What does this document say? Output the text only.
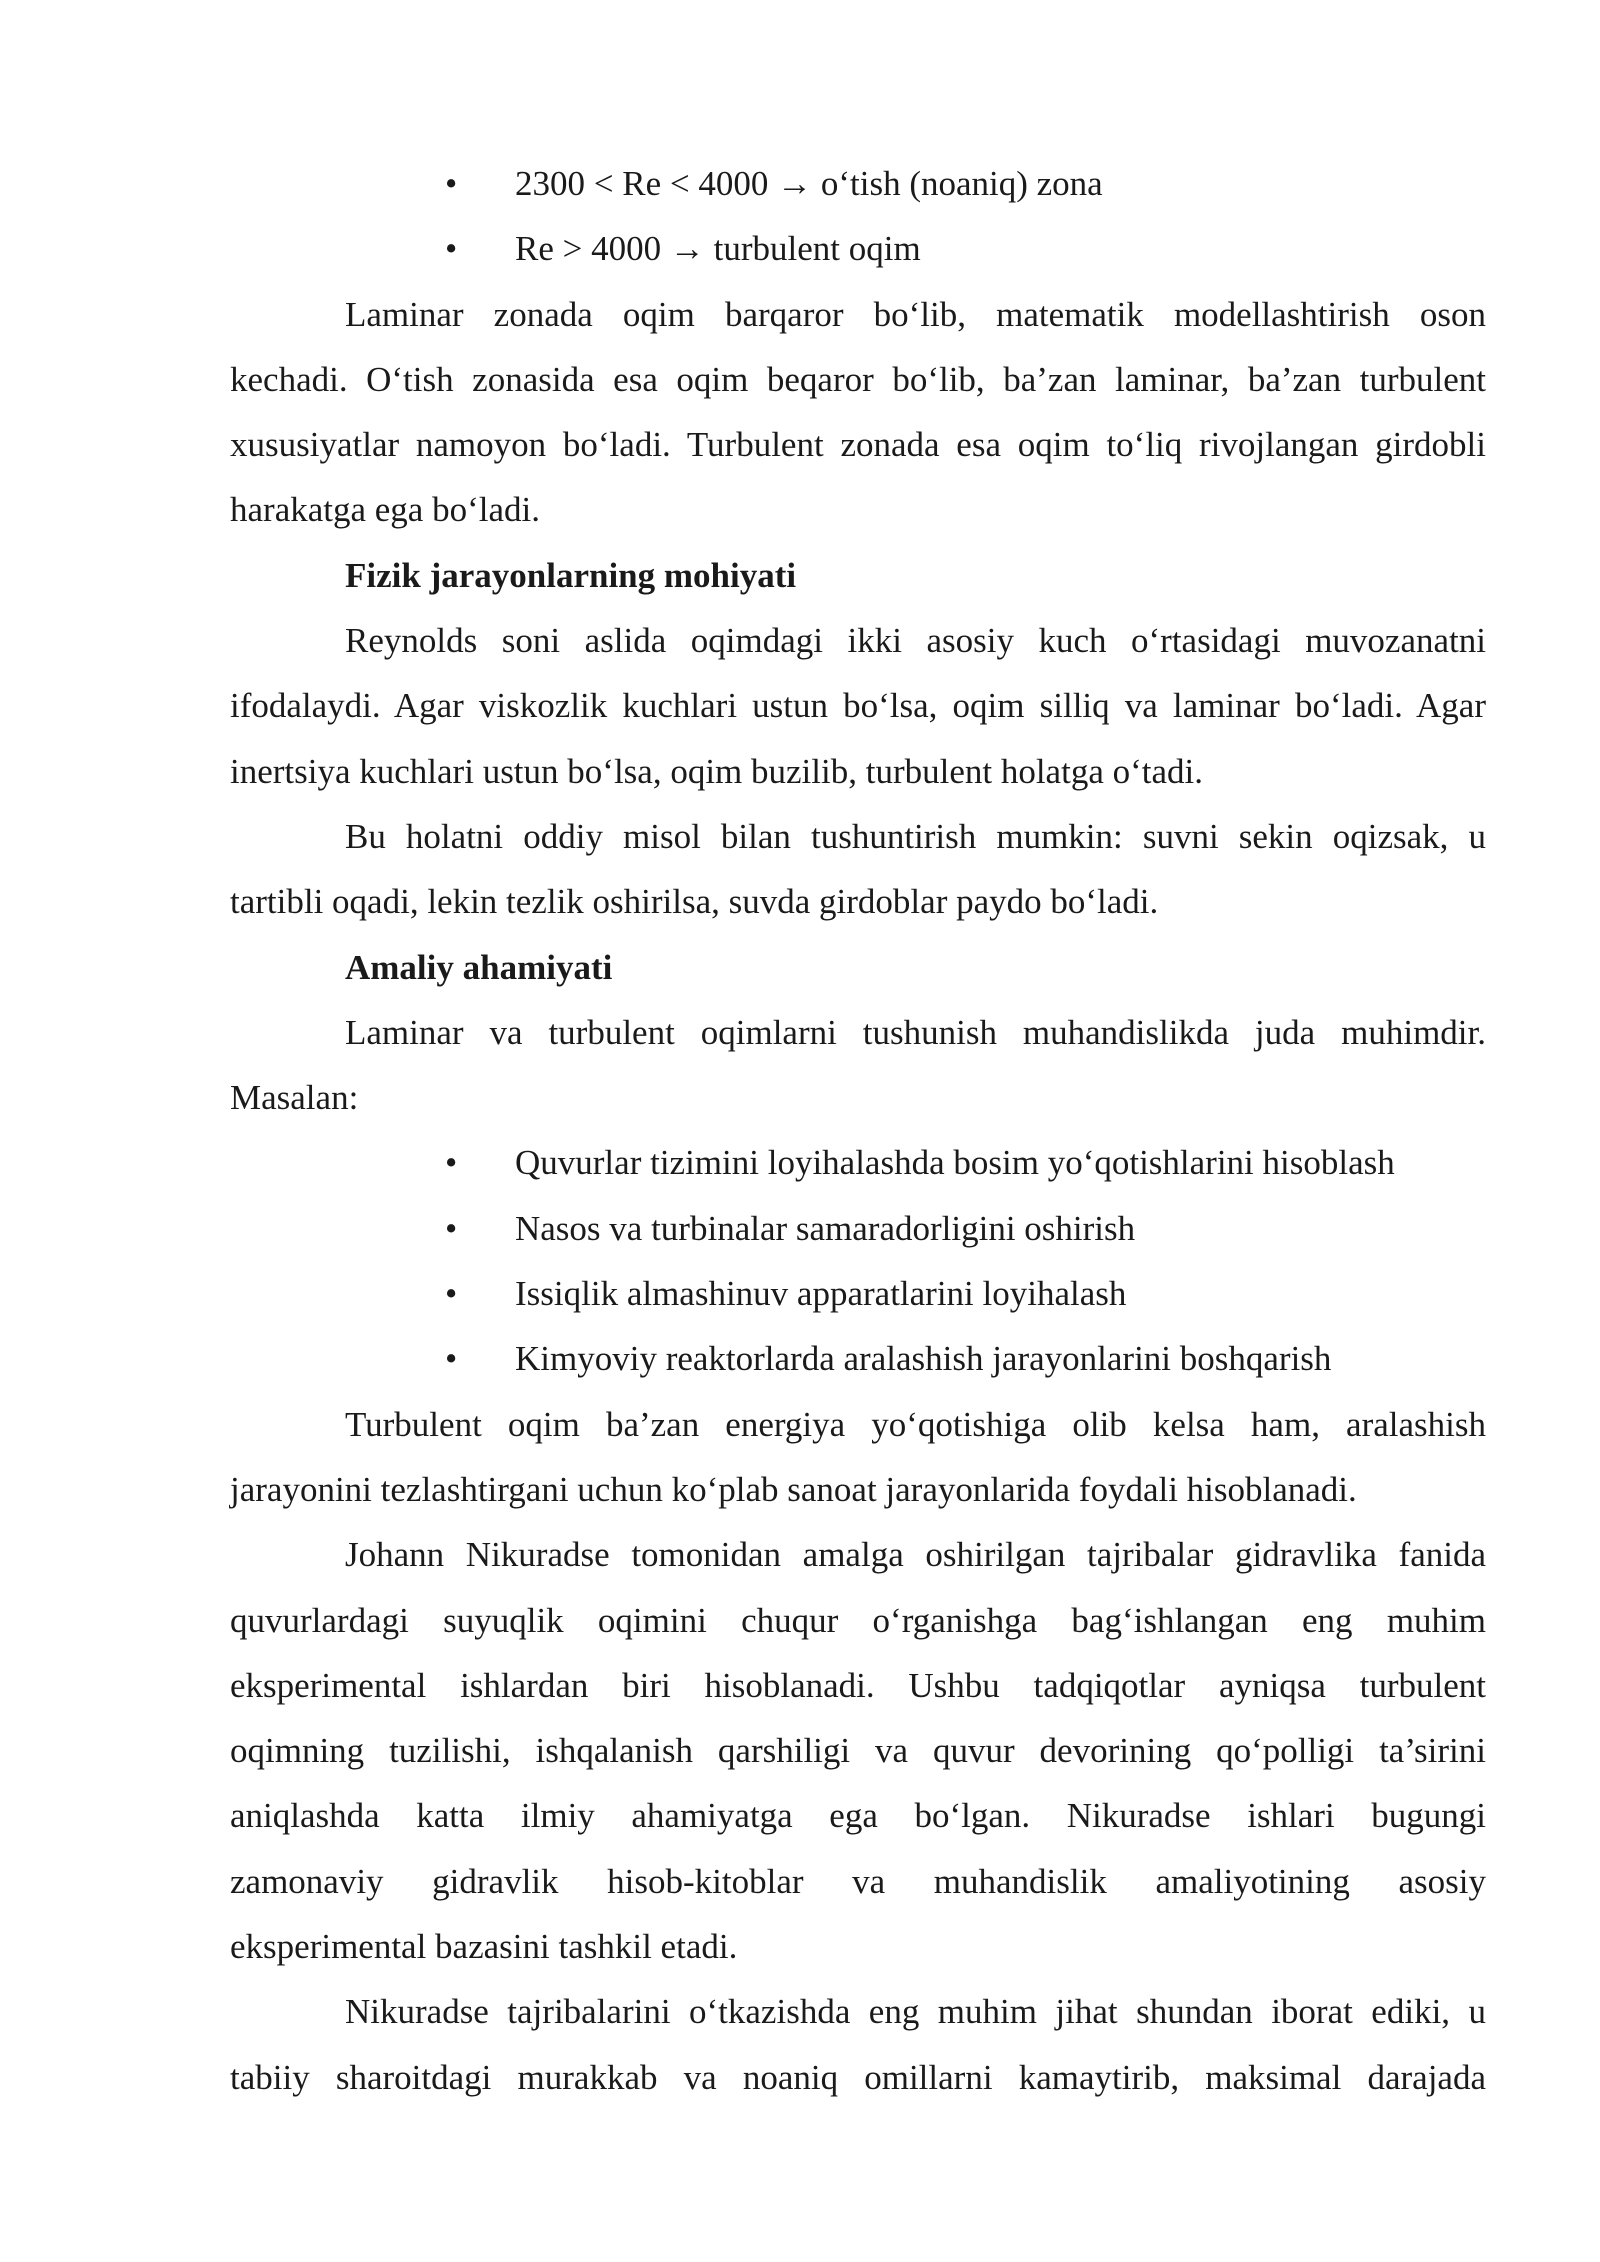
• 2300 < Re < 4000 → o‘tish (noaniq) zona
• Re > 4000 → turbulent oqim
Laminar zonada oqim barqaror bo‘lib, matematik modellashtirish oson
kechadi. O‘tish zonasida esa oqim beqaror bo‘lib, ba’zan laminar, ba’zan turbulent
xususiyatlar namoyon bo‘ladi. Turbulent zonada esa oqim to‘liq rivojlangan girdobli
harakatga ega bo‘ladi.
Fizik jarayonlarning mohiyati
Reynolds soni aslida oqimdagi ikki asosiy kuch o‘rtasidagi muvozanatni
ifodalaydi. Agar viskozlik kuchlari ustun bo‘lsa, oqim silliq va laminar bo‘ladi. Agar
inertsiya kuchlari ustun bo‘lsa, oqim buzilib, turbulent holatga o‘tadi.
Bu holatni oddiy misol bilan tushuntirish mumkin: suvni sekin oqizsak, u
tartibli oqadi, lekin tezlik oshirilsa, suvda girdoblar paydo bo‘ladi.
Amaliy ahamiyati
Laminar va turbulent oqimlarni tushunish muhandislikda juda muhimdir.
Masalan:
• Quvurlar tizimini loyihalashda bosim yo‘qotishlarini hisoblash
• Nasos va turbinalar samaradorligini oshirish
• Issiqlik almashinuv apparatlarini loyihalash
• Kimyoviy reaktorlarda aralashish jarayonlarini boshqarish
Turbulent oqim ba’zan energiya yo‘qotishiga olib kelsa ham, aralashish
jarayonini tezlashtirgani uchun ko‘plab sanoat jarayonlarida foydali hisoblanadi.
Johann Nikuradse tomonidan amalga oshirilgan tajribalar gidravlika fanida
quvurlardagi suyuqlik oqimini chuqur o‘rganishga bag‘ishlangan eng muhim
eksperimental ishlardan biri hisoblanadi. Ushbu tadqiqotlar ayniqsa turbulent
oqimning tuzilishi, ishqalanish qarshiligi va quvur devorining qo‘polligi ta’sirini
aniqlashda katta ilmiy ahamiyatga ega bo‘lgan. Nikuradse ishlari bugungi
zamonaviy gidravlik hisob-kitoblar va muhandislik amaliyotining asosiy
eksperimental bazasini tashkil etadi.
Nikuradse tajribalarini o‘tkazishda eng muhim jihat shundan iborat ediki, u
tabiiy sharoitdagi murakkab va noaniq omillarni kamaytirib, maksimal darajada
